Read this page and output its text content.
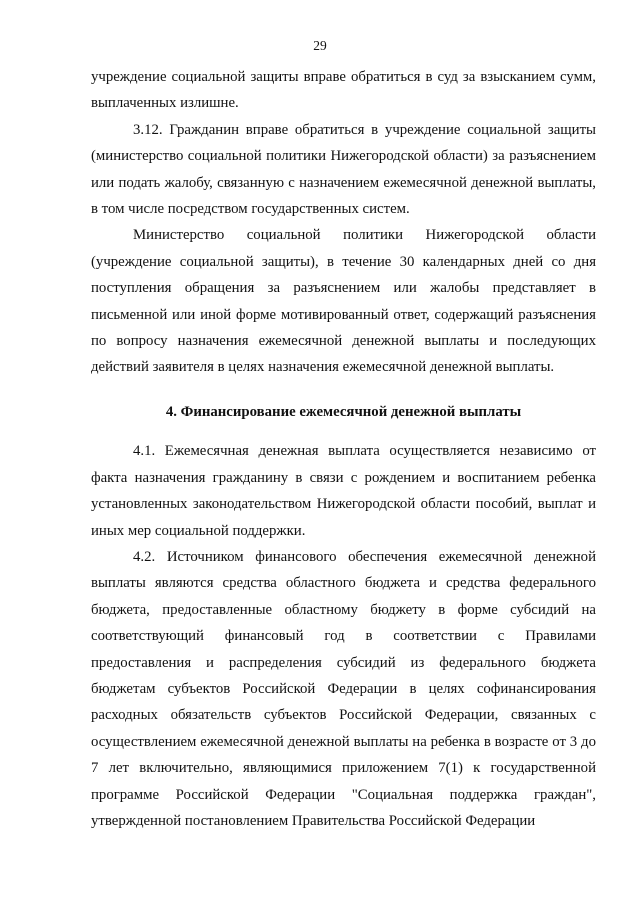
29

учреждение социальной защиты вправе обратиться в суд за взысканием сумм, выплаченных излишне.

3.12. Гражданин вправе обратиться в учреждение социальной защиты (министерство социальной политики Нижегородской области) за разъяснением или подать жалобу, связанную с назначением ежемесячной денежной выплаты, в том числе посредством государственных систем.

Министерство социальной политики Нижегородской области (учреждение социальной защиты), в течение 30 календарных дней со дня поступления обращения за разъяснением или жалобы представляет в письменной или иной форме мотивированный ответ, содержащий разъяснения по вопросу назначения ежемесячной денежной выплаты и последующих действий заявителя в целях назначения ежемесячной денежной выплаты.

4. Финансирование ежемесячной денежной выплаты

4.1. Ежемесячная денежная выплата осуществляется независимо от факта назначения гражданину в связи с рождением и воспитанием ребенка установленных законодательством Нижегородской области пособий, выплат и иных мер социальной поддержки.

4.2. Источником финансового обеспечения ежемесячной денежной выплаты являются средства областного бюджета и средства федерального бюджета, предоставленные областному бюджету в форме субсидий на соответствующий финансовый год в соответствии с Правилами предоставления и распределения субсидий из федерального бюджета бюджетам субъектов Российской Федерации в целях софинансирования расходных обязательств субъектов Российской Федерации, связанных с осуществлением ежемесячной денежной выплаты на ребенка в возрасте от 3 до 7 лет включительно, являющимися приложением 7(1) к государственной программе Российской Федерации "Социальная поддержка граждан", утвержденной постановлением Правительства Российской Федерации
